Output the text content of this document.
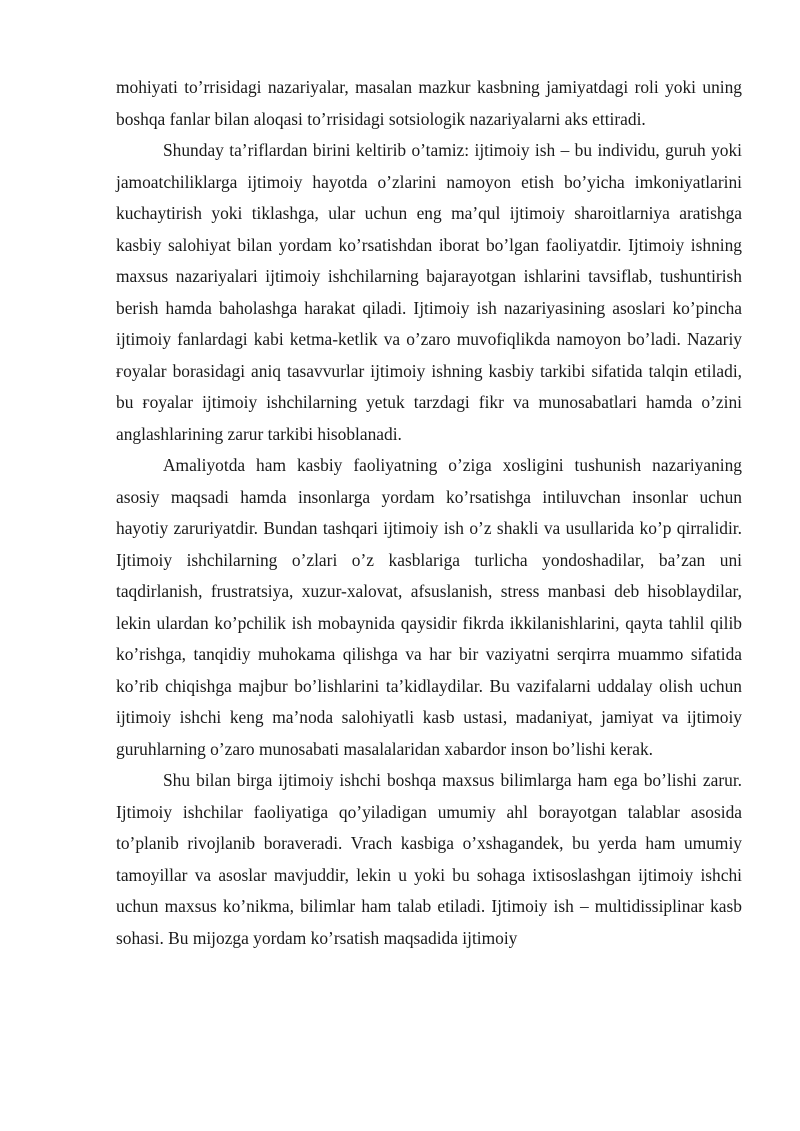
mohiyati to’rrisidagi nazariyalar, masalan mazkur kasbning jamiyatdagi roli yoki uning boshqa fanlar bilan aloqasi to’rrisidagi sotsiologik nazariyalarni aks ettiradi.

Shunday ta’riflardan birini keltirib o’tamiz: ijtimoiy ish – bu individu, guruh yoki jamoatchiliklarga ijtimoiy hayotda o’zlarini namoyon etish bo’yicha imkoniyatlarini kuchaytirish yoki tiklashga, ular uchun eng ma’qul ijtimoiy sharoitlarniya aratishga kasbiy salohiyat bilan yordam ko’rsatishdan iborat bo’lgan faoliyatdir. Ijtimoiy ishning maxsus nazariyalari ijtimoiy ishchilarning bajarayotgan ishlarini tavsiflab, tushuntirish berish hamda baholashga harakat qiladi. Ijtimoiy ish nazariyasining asoslari ko’pincha ijtimoiy fanlardagi kabi ketma-ketlik va o’zaro muvofiqlikda namoyon bo’ladi. Nazariy ғoyalar borasidagi aniq tasavvurlar ijtimoiy ishning kasbiy tarkibi sifatida talqin etiladi, bu ғoyalar ijtimoiy ishchilarning yetuk tarzdagi fikr va munosabatlari hamda o’zini anglashlarining zarur tarkibi hisoblanadi.

Amaliyotda ham kasbiy faoliyatning o’ziga xosligini tushunish nazariyaning asosiy maqsadi hamda insonlarga yordam ko’rsatishga intiluvchan insonlar uchun hayotiy zaruriyatdir. Bundan tashqari ijtimoiy ish o’z shakli va usullarida ko’p qirralidir. Ijtimoiy ishchilarning o’zlari o’z kasblariga turlicha yondoshadilar, ba’zan uni taqdirlanish, frustratsiya, xuzur-xalovat, afsuslanish, stress manbasi deb hisoblaydilar, lekin ulardan ko’pchilik ish mobaynida qaysidir fikrda ikkilanishlarini, qayta tahlil qilib ko’rishga, tanqidiy muhokama qilishga va har bir vaziyatni serqirra muammo sifatida ko’rib chiqishga majbur bo’lishlarini ta’kidlaydilar. Bu vazifalarni uddalay olish uchun ijtimoiy ishchi keng ma’noda salohiyatli kasb ustasi, madaniyat, jamiyat va ijtimoiy guruhlarning o’zaro munosabati masalalaridan xabardor inson bo’lishi kerak.

Shu bilan birga ijtimoiy ishchi boshqa maxsus bilimlarga ham ega bo’lishi zarur. Ijtimoiy ishchilar faoliyatiga qo’yiladigan umumiy ahl borayotgan talablar asosida to’planib rivojlanib boraveradi. Vrach kasbiga o’xshagandek, bu yerda ham umumiy tamoyillar va asoslar mavjuddir, lekin u yoki bu sohaga ixtisoslashgan ijtimoiy ishchi uchun maxsus ko’nikma, bilimlar ham talab etiladi. Ijtimoiy ish – multidissiplinar kasb sohasi. Bu mijozga yordam ko’rsatish maqsadida ijtimoiy
